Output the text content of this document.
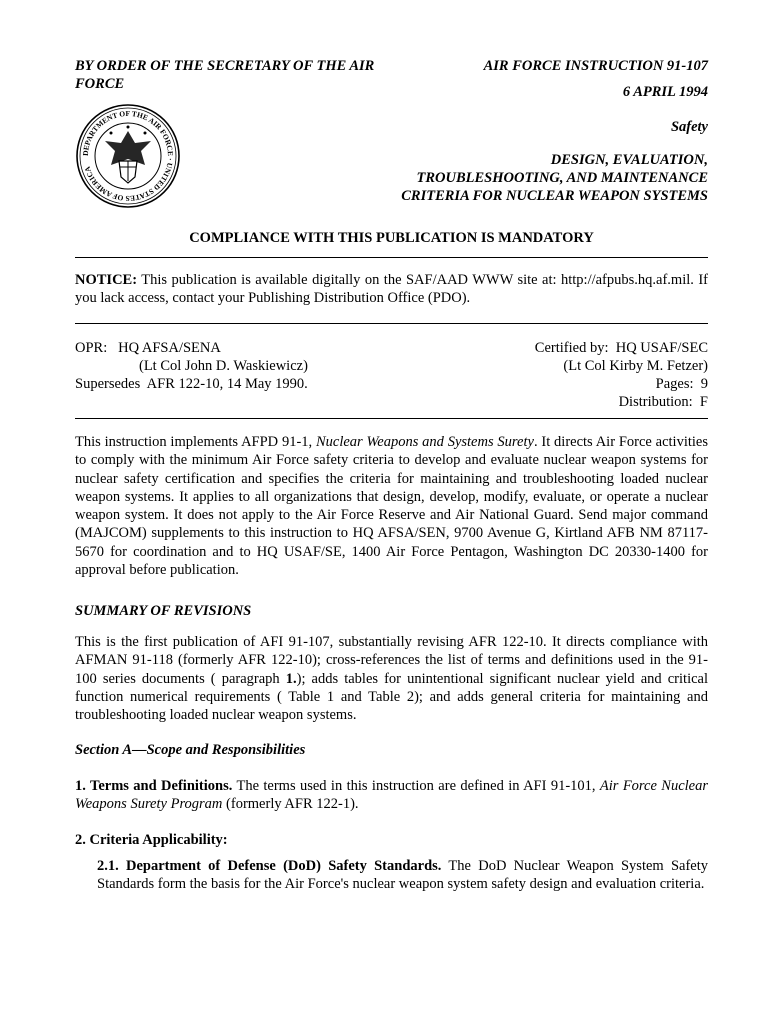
BY ORDER OF THE SECRETARY OF THE AIR FORCE
DEPARTMENT OF THE AIR FORCE · UNITED STATES OF AMERICA
AIR FORCE INSTRUCTION 91-107
6 APRIL 1994
Safety
DESIGN, EVALUATION,
TROUBLESHOOTING, AND MAINTENANCE
CRITERIA FOR NUCLEAR WEAPON SYSTEMS
COMPLIANCE WITH THIS PUBLICATION IS MANDATORY
NOTICE: This publication is available digitally on the SAF/AAD WWW site at: http://afpubs.hq.af.mil. If you lack access, contact your Publishing Distribution Office (PDO).
OPR:   HQ AFSA/SENA
(Lt Col John D. Waskiewicz)
Supersedes  AFR 122-10, 14 May 1990.
Certified by:  HQ USAF/SEC
(Lt Col Kirby M. Fetzer)
Pages:  9
Distribution:  F
This instruction implements AFPD 91-1, Nuclear Weapons and Systems Surety. It directs Air Force activities to comply with the minimum Air Force safety criteria to develop and evaluate nuclear weapon systems for nuclear safety certification and specifies the criteria for maintaining and troubleshooting loaded nuclear weapon systems. It applies to all organizations that design, develop, modify, evaluate, or operate a nuclear weapon system. It does not apply to the Air Force Reserve and Air National Guard. Send major command (MAJCOM) supplements to this instruction to HQ AFSA/SEN, 9700 Avenue G, Kirtland AFB NM 87117-5670 for coordination and to HQ USAF/SE, 1400 Air Force Pentagon, Washington DC 20330-1400 for approval before publication.
SUMMARY OF REVISIONS
This is the first publication of AFI 91-107, substantially revising AFR 122-10. It directs compliance with AFMAN 91-118 (formerly AFR 122-10); cross-references the list of terms and definitions used in the 91-100 series documents ( paragraph 1.); adds tables for unintentional significant nuclear yield and critical function numerical requirements ( Table 1 and Table 2); and adds general criteria for maintaining and troubleshooting loaded nuclear weapon systems.
Section A—Scope and Responsibilities
1. Terms and Definitions. The terms used in this instruction are defined in AFI 91-101, Air Force Nuclear Weapons Surety Program (formerly AFR 122-1).
2. Criteria Applicability:
2.1. Department of Defense (DoD) Safety Standards. The DoD Nuclear Weapon System Safety Standards form the basis for the Air Force's nuclear weapon system safety design and evaluation criteria.
